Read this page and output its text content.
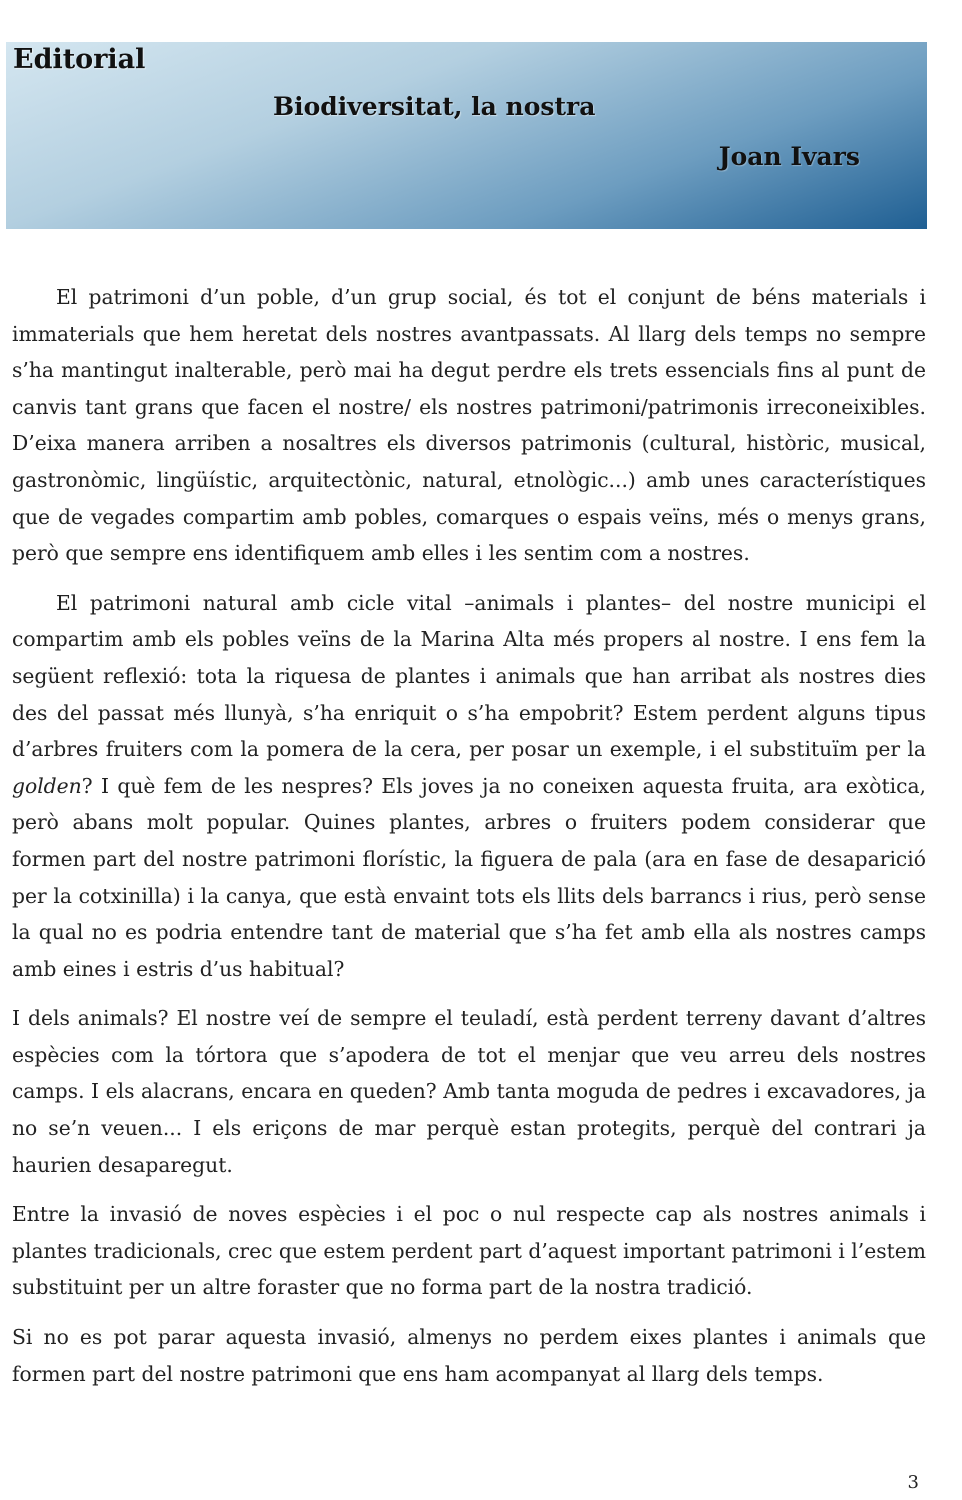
Editorial
Biodiversitat, la nostra
Joan Ivars

El patrimoni d’un poble, d’un grup social, és tot el conjunt de béns materials i immaterials que hem heretat dels nostres avantpassats. Al llarg dels temps no sempre s’ha mantingut inalterable, però mai ha degut perdre els trets essencials fins al punt de canvis tant grans que facen el nostre/ els nostres patrimoni/patrimonis irreconeixibles. D’eixa manera arriben a nosaltres els diversos patrimonis (cultural, històric, musical, gastronòmic, lingüístic, arquitectònic, natural, etnològic...) amb unes característiques que de vegades compartim amb pobles, comarques o espais veïns, més o menys grans, però que sempre ens identifiquem amb elles i les sentim com a nostres.

El patrimoni natural amb cicle vital –animals i plantes– del nostre municipi el compartim amb els pobles veïns de la Marina Alta més propers al nostre. I ens fem la següent reflexió: tota la riquesa de plantes i animals que han arribat als nostres dies des del passat més llunyà, s’ha enriquit o s’ha empobrit? Estem perdent alguns tipus d’arbres fruiters com la pomera de la cera, per posar un exemple, i el substituïm per la golden? I què fem de les nespres? Els joves ja no coneixen aquesta fruita, ara exòtica, però abans molt popular. Quines plantes, arbres o fruiters podem considerar que formen part del nostre patrimoni florístic, la figuera de pala (ara en fase de desaparició per la cotxinilla) i la canya, que està envaint tots els llits dels barrancs i rius, però sense la qual no es podria entendre tant de material que s’ha fet amb ella als nostres camps amb eines i estris d’us habitual?

I dels animals? El nostre veí de sempre el teuladí, està perdent terreny davant d’altres espècies com la tórtora que s’apodera de tot el menjar que veu arreu dels nostres camps. I els alacrans, encara en queden? Amb tanta moguda de pedres i excavadores, ja no se’n veuen... I els eriçons de mar perquè estan protegits, perquè del contrari ja haurien desaparegut.

Entre la invasió de noves espècies i el poc o nul respecte cap als nostres animals i plantes tradicionals, crec que estem perdent part d’aquest important patrimoni i l’estem substituint per un altre foraster que no forma part de la nostra tradició.

Si no es pot parar aquesta invasió, almenys no perdem eixes plantes i animals que formen part del nostre patrimoni que ens ham acompanyat al llarg dels temps.

3
